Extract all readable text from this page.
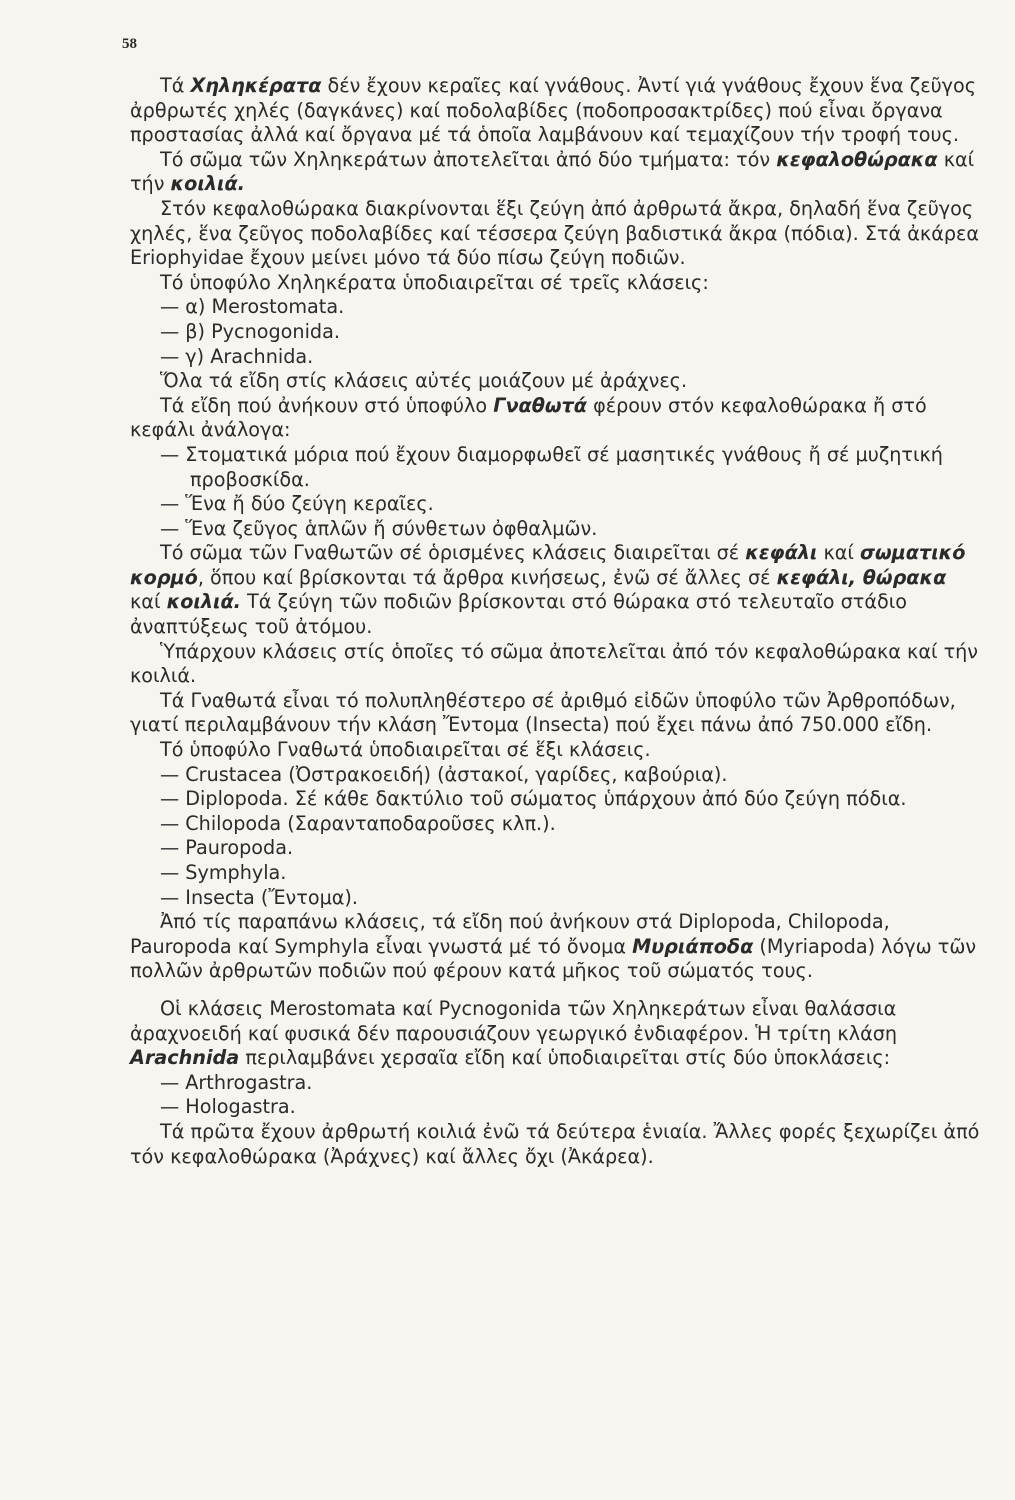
58

Τά Χηληκέρατα δέν ἔχουν κεραῖες καί γνάθους. Ἀντί γιά γνάθους ἔχουν ἕνα ζεῦγος ἀρθρωτές χηλές (δαγκάνες) καί ποδολαβίδες (ποδοπροσακτρίδες) πού εἶναι ὄργανα προστασίας ἀλλά καί ὄργανα μέ τά ὁποῖα λαμβάνουν καί τεμαχίζουν τήν τροφή τους.

Τό σῶμα τῶν Χηληκεράτων ἀποτελεῖται ἀπό δύο τμήματα: τόν κεφαλοθώρακα καί τήν κοιλιά.

Στόν κεφαλοθώρακα διακρίνονται ἕξι ζεύγη ἀπό ἀρθρωτά ἄκρα, δηλαδή ἕνα ζεῦγος χηλές, ἕνα ζεῦγος ποδολαβίδες καί τέσσερα ζεύγη βαδιστικά ἄκρα (πόδια). Στά ἀκάρεα Eriophyidae ἔχουν μείνει μόνο τά δύο πίσω ζεύγη ποδιῶν.

Τό ὑποφύλο Χηληκέρατα ὑποδιαιρεῖται σέ τρεῖς κλάσεις:

— α) Merostomata.

— β) Pycnogonida.

— γ) Arachnida.

Ὅλα τά εἴδη στίς κλάσεις αὐτές μοιάζουν μέ ἀράχνες.

Τά εἴδη πού ἀνήκουν στό ὑποφύλο Γναθωτά φέρουν στόν κεφαλοθώρακα ἤ στό κεφάλι ἀνάλογα:

— Στοματικά μόρια πού ἔχουν διαμορφωθεῖ σέ μασητικές γνάθους ἤ σέ μυζητική προβοσκίδα.

— Ἕνα ἤ δύο ζεύγη κεραῖες.

— Ἕνα ζεῦγος ἁπλῶν ἤ σύνθετων ὀφθαλμῶν.

Τό σῶμα τῶν Γναθωτῶν σέ ὁρισμένες κλάσεις διαιρεῖται σέ κεφάλι καί σωματικό κορμό, ὅπου καί βρίσκονται τά ἄρθρα κινήσεως, ἐνῶ σέ ἄλλες σέ κεφάλι, θώρακα καί κοιλιά. Τά ζεύγη τῶν ποδιῶν βρίσκονται στό θώρακα στό τελευταῖο στάδιο ἀναπτύξεως τοῦ ἀτόμου.

Ὑπάρχουν κλάσεις στίς ὁποῖες τό σῶμα ἀποτελεῖται ἀπό τόν κεφαλοθώρακα καί τήν κοιλιά.

Τά Γναθωτά εἶναι τό πολυπληθέστερο σέ ἀριθμό εἰδῶν ὑποφύλο τῶν Ἀρθροπόδων, γιατί περιλαμβάνουν τήν κλάση Ἔντομα (Insecta) πού ἔχει πάνω ἀπό 750.000 εἴδη.

Τό ὑποφύλο Γναθωτά ὑποδιαιρεῖται σέ ἕξι κλάσεις.

— Crustacea (Ὀστρακοειδή) (ἀστακοί, γαρίδες, καβούρια).

— Diplopoda. Σέ κάθε δακτύλιο τοῦ σώματος ὑπάρχουν ἀπό δύο ζεύγη πόδια.

— Chilopoda (Σαρανταποδαροῦσες κλπ.).

— Pauropoda.

— Symphyla.

— Insecta (Ἔντομα).

Ἀπό τίς παραπάνω κλάσεις, τά εἴδη πού ἀνήκουν στά Diplopoda, Chilopoda, Pauropoda καί Symphyla εἶναι γνωστά μέ τό ὄνομα Μυριάποδα (Myriapoda) λόγω τῶν πολλῶν ἀρθρωτῶν ποδιῶν πού φέρουν κατά μῆκος τοῦ σώματός τους.

Οἱ κλάσεις Merostomata καί Pycnogonida τῶν Χηληκεράτων εἶναι θαλάσσια ἀραχνοειδή καί φυσικά δέν παρουσιάζουν γεωργικό ἐνδιαφέρον. Ἡ τρίτη κλάση Arachnida περιλαμβάνει χερσαῖα εἴδη καί ὑποδιαιρεῖται στίς δύο ὑποκλάσεις:

— Arthrogastra.

— Hologastra.

Τά πρῶτα ἔχουν ἀρθρωτή κοιλιά ἐνῶ τά δεύτερα ἑνιαία. Ἄλλες φορές ξεχωρίζει ἀπό τόν κεφαλοθώρακα (Ἀράχνες) καί ἄλλες ὄχι (Ἀκάρεα).
